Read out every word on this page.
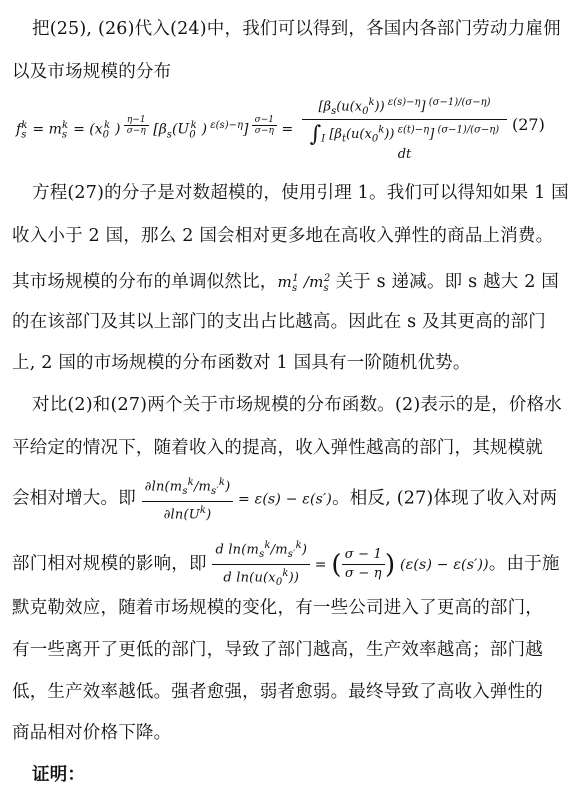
把(25), (26)代入(24)中，我们可以得到，各国内各部门劳动力雇佣
以及市场规模的分布
$f_s^k = m_s^k = (x_0^k$ ) $^{\frac{\eta-1}{\sigma-\eta}}$ [$\beta_s(U_0^k$ ) $^{\varepsilon(s)-\eta}$] $^{\frac{\sigma-1}{\sigma-\eta}} = \frac{[\beta_s(u(x_0^k)) ^{\varepsilon(s)-\eta}] ^{(\sigma-1)/(\sigma-\eta)}}{\int_I [\beta_t(u(x_0^k)) ^{\varepsilon(t)-\eta}] ^{(\sigma-1)/(\sigma-\eta)} dt} (27)$
方程(27)的分子是对数超模的，使用引理 1。我们可以得知如果 1 国
收入小于 2 国，那么 2 国会相对更多地在高收入弹性的商品上消费。
其市场规模的分布的单调似然比，$m_s^1$ $/m_s^2$ 关于 s 递减。即 s 越大 2 国
的在该部门及其以上部门的支出占比越高。因此在 s 及其更高的部门
上, 2 国的市场规模的分布函数对 1 国具有一阶随机优势。
对比(2)和(27)两个关于市场规模的分布函数。(2)表示的是，价格水
平给定的情况下，随着收入的提高，收入弹性越高的部门，其规模就
会相对增大。即 $\frac{\partial\ln(m_s^k/m_{s'}^k)}{\partial\ln(U^k)} = \varepsilon(s) - \varepsilon(s')$。相反, (27)体现了收入对两
部门相对规模的影响，即 $\frac{d \ln(m_s^k/m_{s'}^k)}{d \ln(u(x_0^k))}$ = ( $\frac{\sigma - 1}{\sigma - \eta}$ ) (ε(s) − ε(s′))。由于施
默克勒效应，随着市场规模的变化，有一些公司进入了更高的部门，
有一些离开了更低的部门，导致了部门越高，生产效率越高；部门越
低，生产效率越低。强者愈强，弱者愈弱。最终导致了高收入弹性的
商品相对价格下降。
证明：
